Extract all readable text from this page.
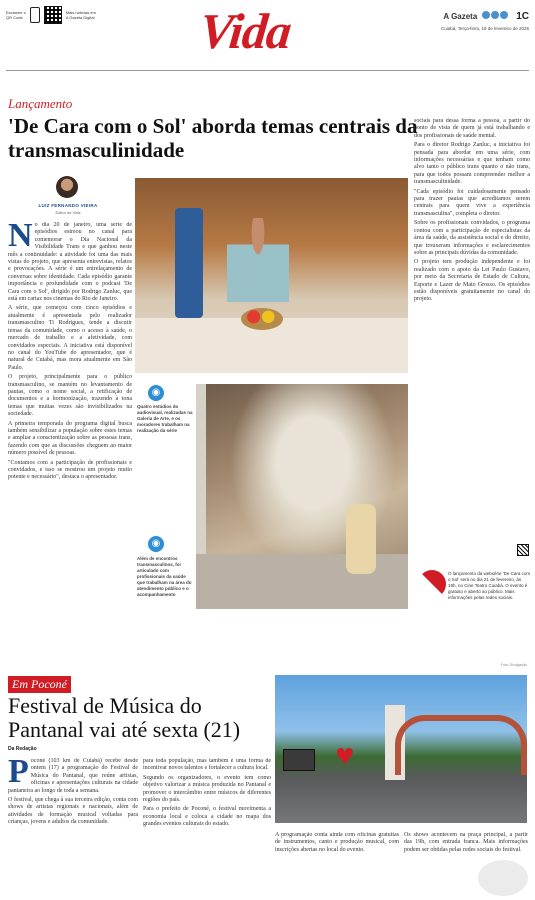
Escaneie o
QR Code
Mais notícias em
A Gazeta Digital Vida	A Gazeta	1C
Cuiabá, Terça-feira, 18 de fevereiro de 2025
Lançamento
'De Cara com o Sol' aborda temas centrais da transmasculinidade
LUIZ FERNANDO VIEIRA
Editor de Vida
N o dia 20 de janeiro, uma série de episódios estreou no canal para comemorar o Dia Nacional da Visibilidade Trans e que ganhou neste mês a continuidade: a atividade foi uma das mais vistas do projeto, que apresenta entrevistas, relatos e provocações. A série é um entrelaçamento de conversas sobre identidade. Cada episódio garante importância e profundidade com o podcast 'De Cara com o Sol', dirigido por Rodrigo Zanluc, que está em cartaz nos cinemas do Rio de Janeiro.

A série, que começou com cinco episódios e atualmente é apresentada pelo realizador transmasculino Ti Rodrigues, tende a discutir temas da comunidade, como o acesso à saúde, o mercado de trabalho e a afetividade, com convidados especiais. A iniciativa está disponível no canal do YouTube do apresentador, que é natural de Cuiabá, mas mora atualmente em São Paulo.

O projeto, principalmente para o público transmasculino, se mantém no levantamento de pautas, como o nome social, a retificação de documentos e a hormonização, trazendo à tona temas que muitas vezes são invisibilizados na sociedade.

A primeira temporada do programa digital busca também sensibilizar a população sobre estes temas e ampliar a conscientização sobre as pessoas trans, fazendo com que as discussões cheguem ao maior número possível de pessoas.

"Contamos com a participação de profissionais e convidados, e isso se mostrou um projeto muito potente e necessário", destaca o apresentador.

◉
Quatro estúdios do audiovisual, realizadas na Galeria de Arte, e os moradores trabalham na realização da série
◉
Além de encontros transmasculinos, foi articulado com profissionais da saúde que trabalham na área do atendimento público e o acompanhamento

sociais para dessa forma a pessoa, a partir do ponto de vista de quem já está trabalhando e dos profissionais de saúde mental.

Para o diretor Rodrigo Zanluc, a iniciativa foi pensada para abordar em uma série, com informações necessárias e que tenham como alvo tanto o público trans quanto o não trans, para que todos possam compreender melhor a transmasculinidade.

"Cada episódio foi cuidadosamente pensado para trazer pautas que acreditamos serem centrais para quem vive a experiência transmasculina", completa o diretor.

Sobre os profissionais convidados, o programa contou com a participação de especialistas da área da saúde, da assistência social e do direito, que trouxeram informações e esclarecimentos sobre as principais dúvidas da comunidade.

O projeto tem produção independente e foi realizado com o apoio da Lei Paulo Gustavo, por meio da Secretaria de Estado de Cultura, Esporte e Lazer de Mato Grosso. Os episódios estão disponíveis gratuitamente no canal do projeto.

O lançamento da websérie 'De Cara com o Sol' será no dia 21 de fevereiro, às 19h, no Cine Teatro Cuiabá. O evento é gratuito e aberto ao público. Mais informações pelas redes sociais.
Foto: Divulgação
Em Poconé
Festival de Música do Pantanal vai até sexta (21)
Da Redação
P oconé (103 km de Cuiabá) recebe desde ontem (17) a programação do Festival de Música do Pantanal, que reúne artistas, oficinas e apresentações culturais na cidade pantaneira ao longo de toda a semana.

O festival, que chega à sua terceira edição, conta com shows de artistas regionais e nacionais, além de atividades de formação musical voltadas para crianças, jovens e adultos da comunidade.

para toda população, mas também é uma forma de incentivar novos talentos e fortalecer a cultura local.

Segundo os organizadores, o evento tem como objetivo valorizar a música produzida no Pantanal e promover o intercâmbio entre músicos de diferentes regiões do país.

Para o prefeito de Poconé, o festival movimenta a economia local e coloca a cidade no mapa dos grandes eventos culturais do estado.

♥

A programação conta ainda com oficinas gratuitas de instrumentos, canto e produção musical, com inscrições abertas no local do evento.

Os shows acontecem na praça principal, a partir das 19h, com entrada franca. Mais informações podem ser obtidas pelas redes sociais do festival.
